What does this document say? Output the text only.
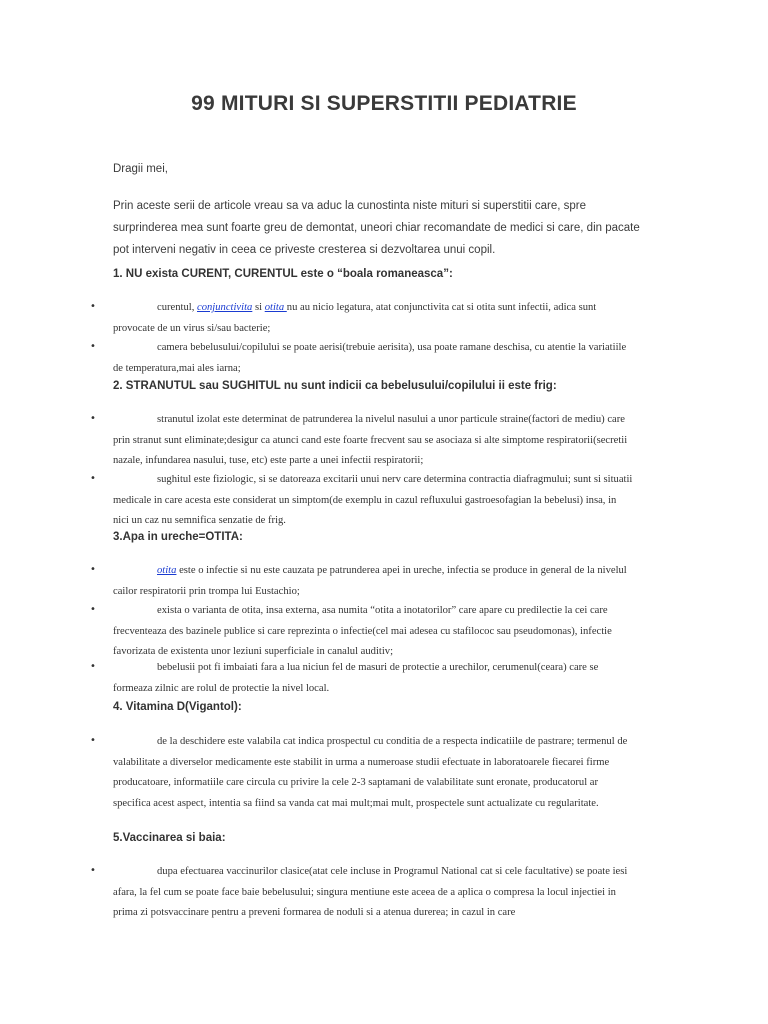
99 MITURI SI SUPERSTITII PEDIATRIE
Dragii mei,
Prin aceste serii de articole vreau sa va aduc la cunostinta niste mituri si superstitii care, spre surprinderea mea sunt foarte greu de demontat, uneori chiar recomandate de medici si care, din pacate pot interveni negativ in ceea ce priveste cresterea si dezvoltarea unui copil.
1. NU exista CURENT, CURENTUL este o “boala romaneasca”:
•	curentul, conjunctivita si otita nu au nicio legatura, atat conjunctivita cat si otita sunt infectii, adica sunt provocate de un virus si/sau bacterie;
•	camera bebelusului/copilului se poate aerisi(trebuie aerisita), usa poate ramane deschisa, cu atentie la variatiile de temperatura,mai ales iarna;
2. STRANUTUL sau SUGHITUL nu sunt indicii ca bebelusului/copilului ii este frig:
•	stranutul izolat este determinat de patrunderea la nivelul nasului a unor particule straine(factori de mediu) care prin stranut sunt eliminate;desigur ca atunci cand este foarte frecvent sau se asociaza si alte simptome respiratorii(secretii nazale, infundarea nasului, tuse, etc) este parte a unei infectii respiratorii;
•	sughitul este fiziologic, si se datoreaza excitarii unui nerv care determina contractia diafragmului; sunt si situatii medicale in care acesta este considerat un simptom(de exemplu in cazul refluxului gastroesofagian la bebelusi) insa, in nici un caz nu semnifica senzatie de frig.
3.Apa in ureche=OTITA:
•	otita este o infectie si nu este cauzata pe patrunderea apei in ureche, infectia se produce in general de la nivelul cailor respiratorii prin trompa lui Eustachio;
•	exista o varianta de otita, insa externa, asa numita “otita a inotatorilor” care apare cu predilectie la cei care frecventeaza des bazinele publice si care reprezinta o infectie(cel mai adesea cu stafilococ sau pseudomonas), infectie favorizata de existenta unor leziuni superficiale in canalul auditiv;
•	bebelusii pot fi imbaiati fara a lua niciun fel de masuri de protectie a urechilor, cerumenul(ceara) care se formeaza zilnic are rolul de protectie la nivel local.
4. Vitamina D(Vigantol):
•	de la deschidere este valabila cat indica prospectul cu conditia de a respecta indicatiile de pastrare; termenul de valabilitate a diverselor medicamente este stabilit in urma a numeroase studii efectuate in laboratoarele fiecarei firme producatoare, informatiile care circula cu privire la cele 2-3 saptamani de valabilitate sunt eronate, producatorul ar specifica acest aspect, intentia sa fiind sa vanda cat mai mult;mai mult, prospectele sunt actualizate cu regularitate.
5.Vaccinarea si baia:
•	dupa efectuarea vaccinurilor clasice(atat cele incluse in Programul National cat si cele facultative) se poate iesi afara, la fel cum se poate face baie bebelusului; singura mentiune este aceea de a aplica o compresa la locul injectiei in prima zi potsvaccinare pentru a preveni formarea de noduli si a atenua durerea; in cazul in care
